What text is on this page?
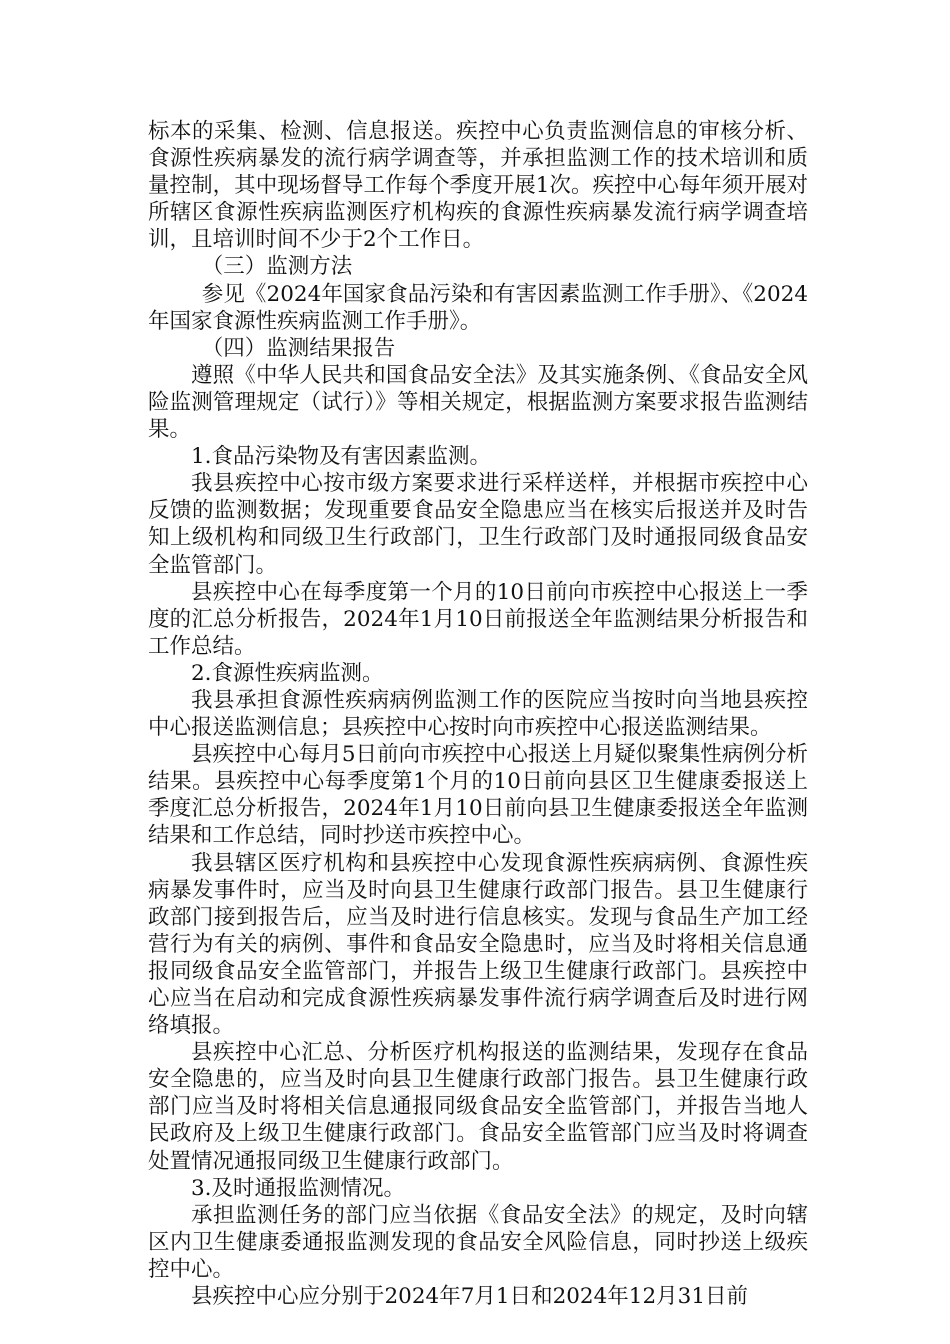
标本的采集、检测、信息报送。疾控中心负责监测信息的审核分析、食源性疾病暴发的流行病学调查等，并承担监测工作的技术培训和质量控制，其中现场督导工作每个季度开展1次。疾控中心每年须开展对所辖区食源性疾病监测医疗机构疾的食源性疾病暴发流行病学调查培训，且培训时间不少于2个工作日。

（三）监测方法

参见《2024年国家食品污染和有害因素监测工作手册》、《2024年国家食源性疾病监测工作手册》。

（四）监测结果报告

遵照《中华人民共和国食品安全法》及其实施条例、《食品安全风险监测管理规定（试行）》等相关规定，根据监测方案要求报告监测结果。

1.食品污染物及有害因素监测。

我县疾控中心按市级方案要求进行采样送样，并根据市疾控中心反馈的监测数据；发现重要食品安全隐患应当在核实后报送并及时告知上级机构和同级卫生行政部门，卫生行政部门及时通报同级食品安全监管部门。

县疾控中心在每季度第一个月的10日前向市疾控中心报送上一季度的汇总分析报告，2024年1月10日前报送全年监测结果分析报告和工作总结。

2.食源性疾病监测。

我县承担食源性疾病病例监测工作的医院应当按时向当地县疾控中心报送监测信息；县疾控中心按时向市疾控中心报送监测结果。

县疾控中心每月5日前向市疾控中心报送上月疑似聚集性病例分析结果。县疾控中心每季度第1个月的10日前向县区卫生健康委报送上季度汇总分析报告，2024年1月10日前向县卫生健康委报送全年监测结果和工作总结，同时抄送市疾控中心。

我县辖区医疗机构和县疾控中心发现食源性疾病病例、食源性疾病暴发事件时，应当及时向县卫生健康行政部门报告。县卫生健康行政部门接到报告后，应当及时进行信息核实。发现与食品生产加工经营行为有关的病例、事件和食品安全隐患时，应当及时将相关信息通报同级食品安全监管部门，并报告上级卫生健康行政部门。县疾控中心应当在启动和完成食源性疾病暴发事件流行病学调查后及时进行网络填报。

县疾控中心汇总、分析医疗机构报送的监测结果，发现存在食品安全隐患的，应当及时向县卫生健康行政部门报告。县卫生健康行政部门应当及时将相关信息通报同级食品安全监管部门，并报告当地人民政府及上级卫生健康行政部门。食品安全监管部门应当及时将调查处置情况通报同级卫生健康行政部门。

3.及时通报监测情况。

承担监测任务的部门应当依据《食品安全法》的规定，及时向辖区内卫生健康委通报监测发现的食品安全风险信息，同时抄送上级疾控中心。

县疾控中心应分别于2024年7月1日和2024年12月31日前
